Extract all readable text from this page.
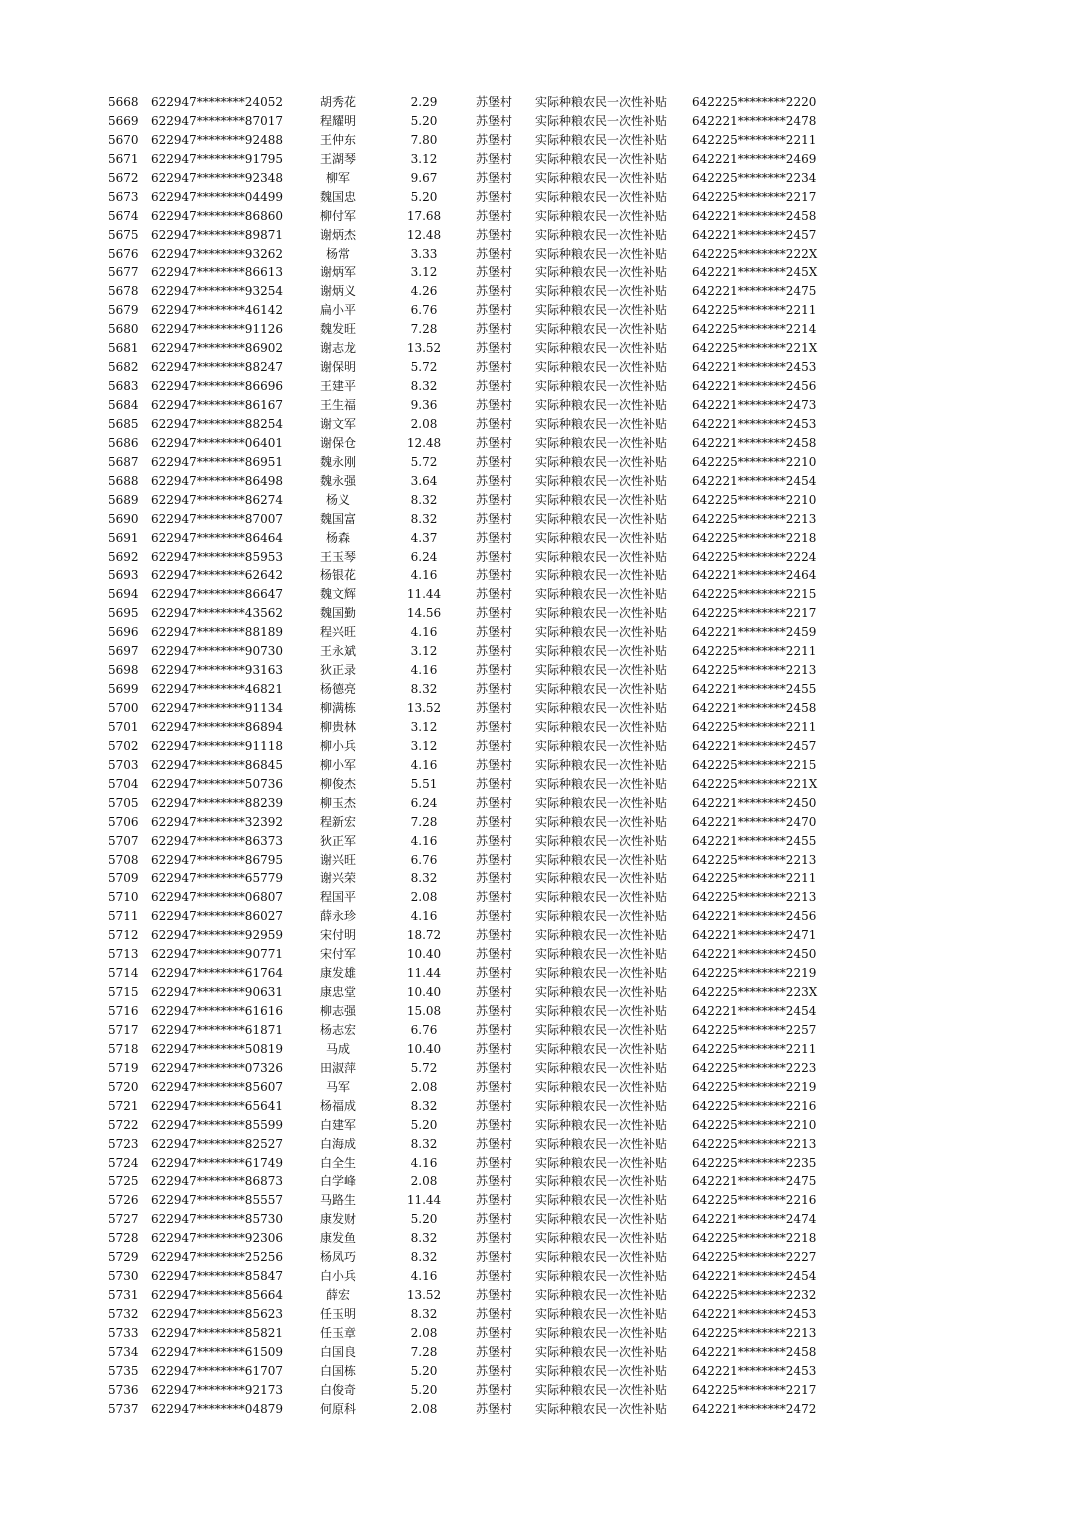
5668 622947********24052	胡秀花	2.29	苏堡村 实际种粮农民一次性补贴 642225********2220
5669 622947********87017	程耀明	5.20	苏堡村 实际种粮农民一次性补贴 642221********2478
5670 622947********92488	王仲东	7.80	苏堡村 实际种粮农民一次性补贴 642225********2211
5671 622947********91795	王湖琴	3.12	苏堡村 实际种粮农民一次性补贴 642221********2469
5672 622947********92348	柳军	9.67	苏堡村 实际种粮农民一次性补贴 642225********2234
5673 622947********04499	魏国忠	5.20	苏堡村 实际种粮农民一次性补贴 642225********2217
5674 622947********86860	柳付军	17.68	苏堡村 实际种粮农民一次性补贴 642221********2458
5675 622947********89871	谢炳杰	12.48	苏堡村 实际种粮农民一次性补贴 642221********2457
5676 622947********93262	杨常	3.33	苏堡村 实际种粮农民一次性补贴 642225********222X
5677 622947********86613	谢炳军	3.12	苏堡村 实际种粮农民一次性补贴 642221********245X
5678 622947********93254	谢炳义	4.26	苏堡村 实际种粮农民一次性补贴 642221********2475
5679 622947********46142	扁小平	6.76	苏堡村 实际种粮农民一次性补贴 642225********2211
5680 622947********91126	魏发旺	7.28	苏堡村 实际种粮农民一次性补贴 642225********2214
5681 622947********86902	谢志龙	13.52	苏堡村 实际种粮农民一次性补贴 642225********221X
5682 622947********88247	谢保明	5.72	苏堡村 实际种粮农民一次性补贴 642221********2453
5683 622947********86696	王建平	8.32	苏堡村 实际种粮农民一次性补贴 642221********2456
5684 622947********86167	王生福	9.36	苏堡村 实际种粮农民一次性补贴 642221********2473
5685 622947********88254	谢文军	2.08	苏堡村 实际种粮农民一次性补贴 642221********2453
5686 622947********06401	谢保仓	12.48	苏堡村 实际种粮农民一次性补贴 642221********2458
5687 622947********86951	魏永刚	5.72	苏堡村 实际种粮农民一次性补贴 642225********2210
5688 622947********86498	魏永强	3.64	苏堡村 实际种粮农民一次性补贴 642221********2454
5689 622947********86274	杨义	8.32	苏堡村 实际种粮农民一次性补贴 642225********2210
5690 622947********87007	魏国富	8.32	苏堡村 实际种粮农民一次性补贴 642225********2213
5691 622947********86464	杨森	4.37	苏堡村 实际种粮农民一次性补贴 642225********2218
5692 622947********85953	王玉琴	6.24	苏堡村 实际种粮农民一次性补贴 642225********2224
5693 622947********62642	杨银花	4.16	苏堡村 实际种粮农民一次性补贴 642221********2464
5694 622947********86647	魏文辉	11.44	苏堡村 实际种粮农民一次性补贴 642225********2215
5695 622947********43562	魏国勤	14.56	苏堡村 实际种粮农民一次性补贴 642225********2217
5696 622947********88189	程兴旺	4.16	苏堡村 实际种粮农民一次性补贴 642221********2459
5697 622947********90730	王永斌	3.12	苏堡村 实际种粮农民一次性补贴 642225********2211
5698 622947********93163	狄正录	4.16	苏堡村 实际种粮农民一次性补贴 642225********2213
5699 622947********46821	杨德亮	8.32	苏堡村 实际种粮农民一次性补贴 642221********2455
5700 622947********91134	柳满栋	13.52	苏堡村 实际种粮农民一次性补贴 642221********2458
5701 622947********86894	柳贵林	3.12	苏堡村 实际种粮农民一次性补贴 642225********2211
5702 622947********91118	柳小兵	3.12	苏堡村 实际种粮农民一次性补贴 642221********2457
5703 622947********86845	柳小军	4.16	苏堡村 实际种粮农民一次性补贴 642225********2215
5704 622947********50736	柳俊杰	5.51	苏堡村 实际种粮农民一次性补贴 642225********221X
5705 622947********88239	柳玉杰	6.24	苏堡村 实际种粮农民一次性补贴 642221********2450
5706 622947********32392	程新宏	7.28	苏堡村 实际种粮农民一次性补贴 642221********2470
5707 622947********86373	狄正军	4.16	苏堡村 实际种粮农民一次性补贴 642221********2455
5708 622947********86795	谢兴旺	6.76	苏堡村 实际种粮农民一次性补贴 642225********2213
5709 622947********65779	谢兴荣	8.32	苏堡村 实际种粮农民一次性补贴 642225********2211
5710 622947********06807	程国平	2.08	苏堡村 实际种粮农民一次性补贴 642225********2213
5711 622947********86027	薛永珍	4.16	苏堡村 实际种粮农民一次性补贴 642221********2456
5712 622947********92959	宋付明	18.72	苏堡村 实际种粮农民一次性补贴 642221********2471
5713 622947********90771	宋付军	10.40	苏堡村 实际种粮农民一次性补贴 642221********2450
5714 622947********61764	康发雄	11.44	苏堡村 实际种粮农民一次性补贴 642225********2219
5715 622947********90631	康忠堂	10.40	苏堡村 实际种粮农民一次性补贴 642225********223X
5716 622947********61616	柳志强	15.08	苏堡村 实际种粮农民一次性补贴 642221********2454
5717 622947********61871	杨志宏	6.76	苏堡村 实际种粮农民一次性补贴 642225********2257
5718 622947********50819	马成	10.40	苏堡村 实际种粮农民一次性补贴 642225********2211
5719 622947********07326	田淑萍	5.72	苏堡村 实际种粮农民一次性补贴 642225********2223
5720 622947********85607	马军	2.08	苏堡村 实际种粮农民一次性补贴 642225********2219
5721 622947********65641	杨福成	8.32	苏堡村 实际种粮农民一次性补贴 642225********2216
5722 622947********85599	白建军	5.20	苏堡村 实际种粮农民一次性补贴 642225********2210
5723 622947********82527	白海成	8.32	苏堡村 实际种粮农民一次性补贴 642225********2213
5724 622947********61749	白全生	4.16	苏堡村 实际种粮农民一次性补贴 642225********2235
5725 622947********86873	白学峰	2.08	苏堡村 实际种粮农民一次性补贴 642221********2475
5726 622947********85557	马路生	11.44	苏堡村 实际种粮农民一次性补贴 642225********2216
5727 622947********85730	康发财	5.20	苏堡村 实际种粮农民一次性补贴 642221********2474
5728 622947********92306	康发鱼	8.32	苏堡村 实际种粮农民一次性补贴 642225********2218
5729 622947********25256	杨凤巧	8.32	苏堡村 实际种粮农民一次性补贴 642225********2227
5730 622947********85847	白小兵	4.16	苏堡村 实际种粮农民一次性补贴 642221********2454
5731 622947********85664	薛宏	13.52	苏堡村 实际种粮农民一次性补贴 642225********2232
5732 622947********85623	任玉明	8.32	苏堡村 实际种粮农民一次性补贴 642221********2453
5733 622947********85821	任玉章	2.08	苏堡村 实际种粮农民一次性补贴 642225********2213
5734 622947********61509	白国良	7.28	苏堡村 实际种粮农民一次性补贴 642221********2458
5735 622947********61707	白国栋	5.20	苏堡村 实际种粮农民一次性补贴 642221********2453
5736 622947********92173	白俊奇	5.20	苏堡村 实际种粮农民一次性补贴 642225********2217
5737 622947********04879	何原科	2.08	苏堡村 实际种粮农民一次性补贴 642221********2472
